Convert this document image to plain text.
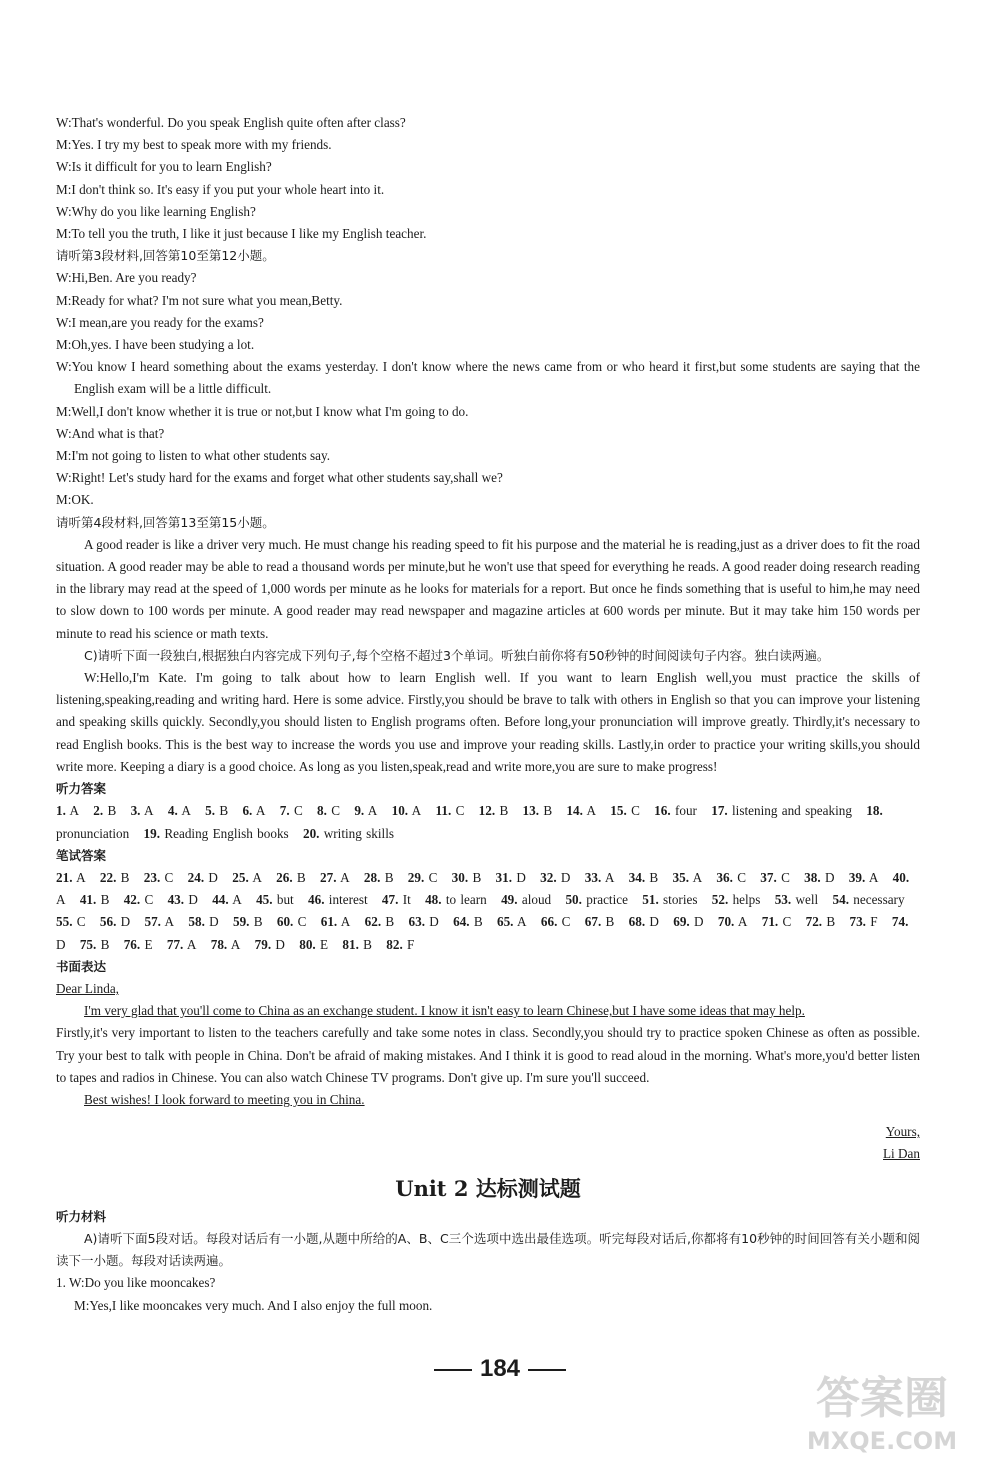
W:That's wonderful. Do you speak English quite often after class?
M:Yes. I try my best to speak more with my friends.
W:Is it difficult for you to learn English?
M:I don't think so. It's easy if you put your whole heart into it.
W:Why do you like learning English?
M:To tell you the truth, I like it just because I like my English teacher.
请听第3段材料,回答第10至第12小题。
W:Hi,Ben. Are you ready?
M:Ready for what? I'm not sure what you mean,Betty.
W:I mean,are you ready for the exams?
M:Oh,yes. I have been studying a lot.
W:You know I heard something about the exams yesterday. I don't know where the news came from or who heard it first,but some students are saying that the English exam will be a little difficult.
M:Well,I don't know whether it is true or not,but I know what I'm going to do.
W:And what is that?
M:I'm not going to listen to what other students say.
W:Right! Let's study hard for the exams and forget what other students say,shall we?
M:OK.
请听第4段材料,回答第13至第15小题。
A good reader is like a driver very much. He must change his reading speed to fit his purpose and the material he is reading,just as a driver does to fit the road situation. A good reader may be able to read a thousand words per minute,but he won't use that speed for everything he reads. A good reader doing research reading in the library may read at the speed of 1,000 words per minute as he looks for materials for a report. But once he finds something that is useful to him,he may need to slow down to 100 words per minute. A good reader may read newspaper and magazine articles at 600 words per minute. But it may take him 150 words per minute to read his science or math texts.
C)请听下面一段独白,根据独白内容完成下列句子,每个空格不超过3个单词。听独白前你将有50秒钟的时间阅读句子内容。独白读两遍。
W:Hello,I'm Kate. I'm going to talk about how to learn English well. If you want to learn English well,you must practice the skills of listening,speaking,reading and writing hard. Here is some advice. Firstly,you should be brave to talk with others in English so that you can improve your listening and speaking skills quickly. Secondly,you should listen to English programs often. Before long,your pronunciation will improve greatly. Thirdly,it's necessary to read English books. This is the best way to increase the words you use and improve your reading skills. Lastly,in order to practice your writing skills,you should write more. Keeping a diary is a good choice. As long as you listen,speak,read and write more,you are sure to make progress!
听力答案
1. A 2. B 3. A 4. A 5. B 6. A 7. C 8. C 9. A 10. A 11. C 12. B 13. B 14. A 15. C 16. four 17. listening and speaking 18. pronunciation 19. Reading English books 20. writing skills
笔试答案
21. A 22. B 23. C 24. D 25. A 26. B 27. A 28. B 29. C 30. B 31. D 32. D 33. A 34. B 35. A 36. C 37. C 38. D 39. A 40. A 41. B 42. C 43. D 44. A 45. but 46. interest 47. It 48. to learn 49. aloud 50. practice 51. stories 52. helps 53. well 54. necessary 55. C 56. D 57. A 58. D 59. B 60. C 61. A 62. B 63. D 64. B 65. A 66. C 67. B 68. D 69. D 70. A 71. C 72. B 73. F 74. D 75. B 76. E 77. A 78. A 79. D 80. E 81. B 82. F
书面表达
Dear Linda,
I'm very glad that you'll come to China as an exchange student. I know it isn't easy to learn Chinese,but I have some ideas that may help.
Firstly,it's very important to listen to the teachers carefully and take some notes in class. Secondly,you should try to practice spoken Chinese as often as possible. Try your best to talk with people in China. Don't be afraid of making mistakes. And I think it is good to read aloud in the morning. What's more,you'd better listen to tapes and radios in Chinese. You can also watch Chinese TV programs. Don't give up. I'm sure you'll succeed.
Best wishes! I look forward to meeting you in China.
Yours,
Li Dan
Unit 2 达标测试题
听力材料
A)请听下面5段对话。每段对话后有一小题,从题中所给的A、B、C三个选项中选出最佳选项。听完每段对话后,你都将有10秒钟的时间回答有关小题和阅读下一小题。每段对话读两遍。
1. W:Do you like mooncakes?
M:Yes,I like mooncakes very much. And I also enjoy the full moon.
184
答案圈
MXQE.COM
